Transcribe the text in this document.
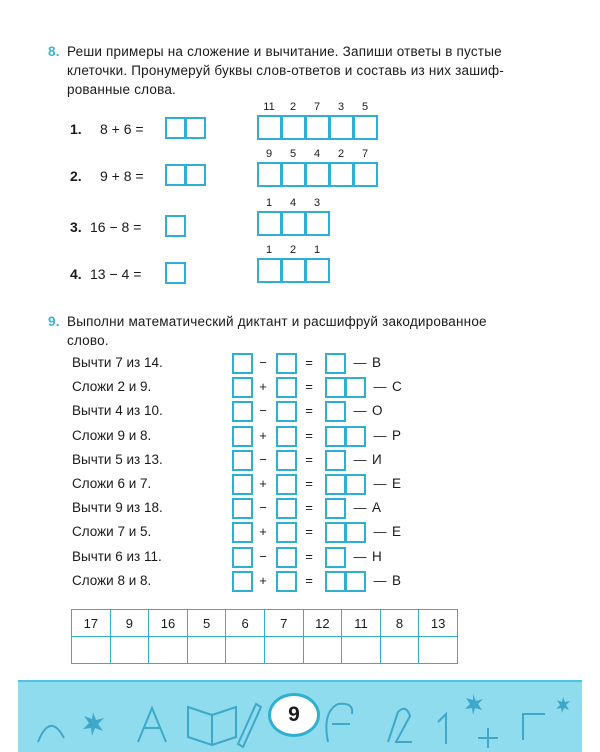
8. Реши примеры на сложение и вычитание. Запиши ответы в пустые
клеточки. Пронумеруй буквы слов-ответов и составь из них зашиф-
рованные слова.
1. 8 + 6 =
11	2	7	3	5
2. 9 + 8 =
9	5	4	2	7
3. 16 − 8 =
1	4	3
4. 13 − 4 =
1	2	1
9. Выполни математический диктант и расшифруй закодированное
слово.
Вычти 7 из 14.	−	=	— В
Сложи 2 и 9.	+	=	— С
Вычти 4 из 10.	−	=	— О
Сложи 9 и 8.	+	=	— Р
Вычти 5 из 13.	−	=	— И
Сложи 6 и 7.	+	=	— Е
Вычти 9 из 18.	−	=	— А
Сложи 7 и 5.	+	=	— Е
Вычти 6 из 11.	−	=	— Н
Сложи 8 и 8.	+	=	— В
17	9	16	5	6	7	12	11	8	13

9
